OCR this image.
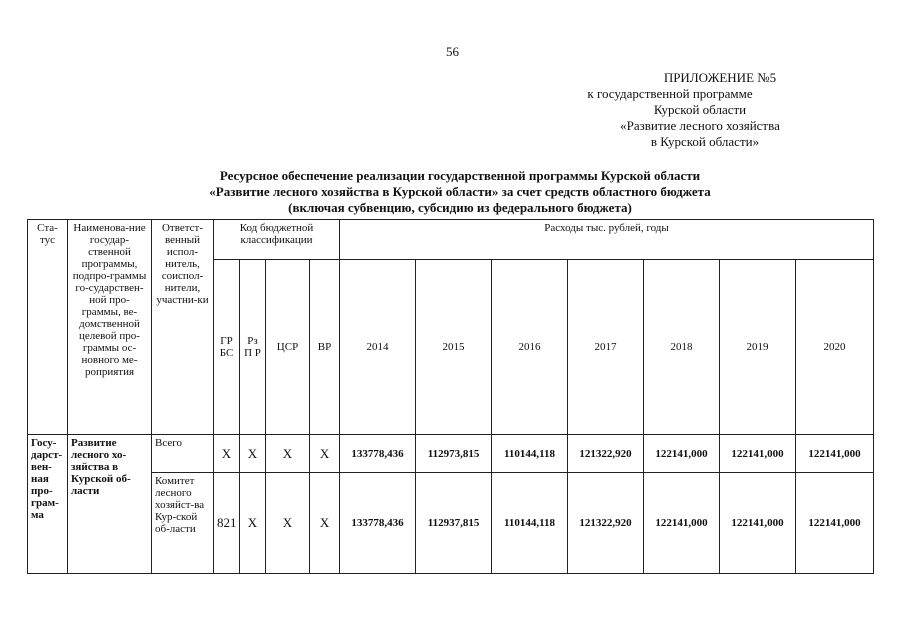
56
ПРИЛОЖЕНИЕ №5
к государственной программе
Курской области
«Развитие лесного хозяйства
в Курской области»
Ресурсное обеспечение реализации государственной программы Курской области
«Развитие лесного хозяйства в Курской области» за счет средств областного бюджета
(включая субвенцию, субсидию из федерального бюджета)
Ста-тус	Наименова-ние государ-ственной программы, подпро-граммы го-сударствен-ной про-граммы, ве-домственной целевой про-граммы ос-новного ме-роприятия	Ответст-венный испол-нитель, соиспол-нители, участни-ки	Код бюджетной классификации				Расходы тыс. рублей, годы						
			ГР БС	Рз П Р	ЦСР	ВР	2014	2015	2016	2017	2018	2019	2020
Госу-дарст-вен-ная про-грам-ма	Развитие лесного хо-зяйства в Курской об-ласти	Всего	Х	Х	Х	Х	133778,436	112973,815	110144,118	121322,920	122141,000	122141,000	122141,000
		Комитет лесного хозяйст-ва Кур-ской об-ласти	821	Х	Х	Х	133778,436	112937,815	110144,118	121322,920	122141,000	122141,000	122141,000
